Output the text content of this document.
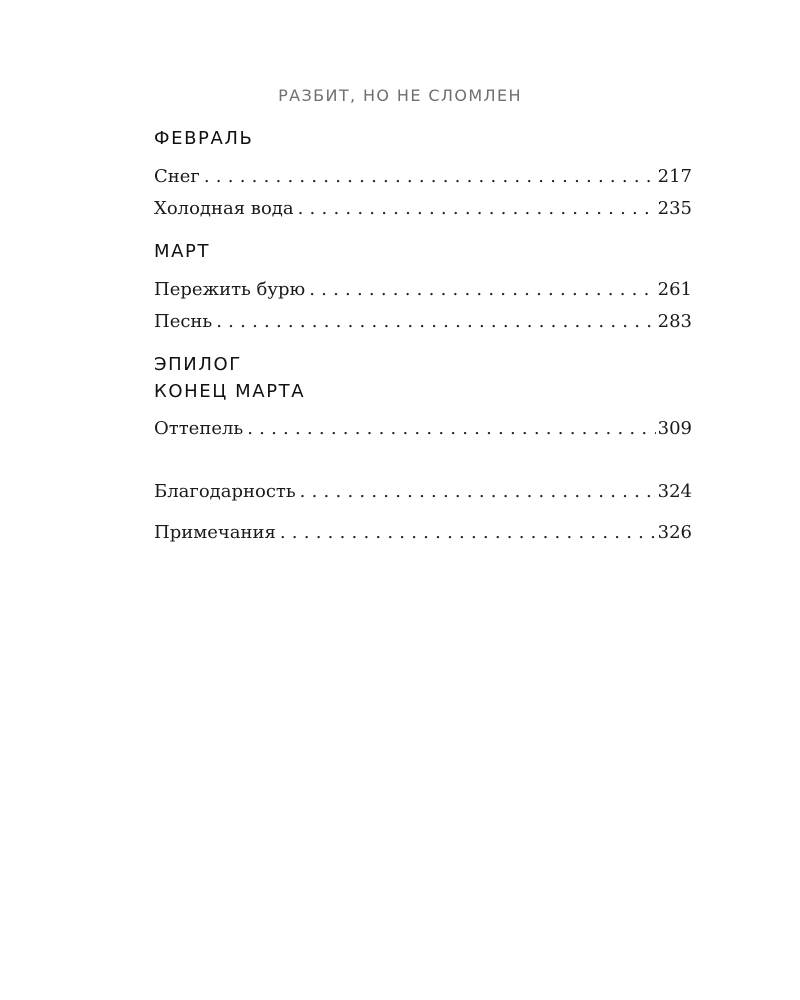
РАЗБИТ, НО НЕ СЛОМЛЕН
ФЕВРАЛЬ
Снег . . .	217
Холодная вода . . .	235
МАРТ
Пережить бурю . . .	261
Песнь . . .	283
ЭПИЛОГ
КОНЕЦ МАРТА
Оттепель . . .	309
Благодарность . . .	324
Примечания . . .	326
